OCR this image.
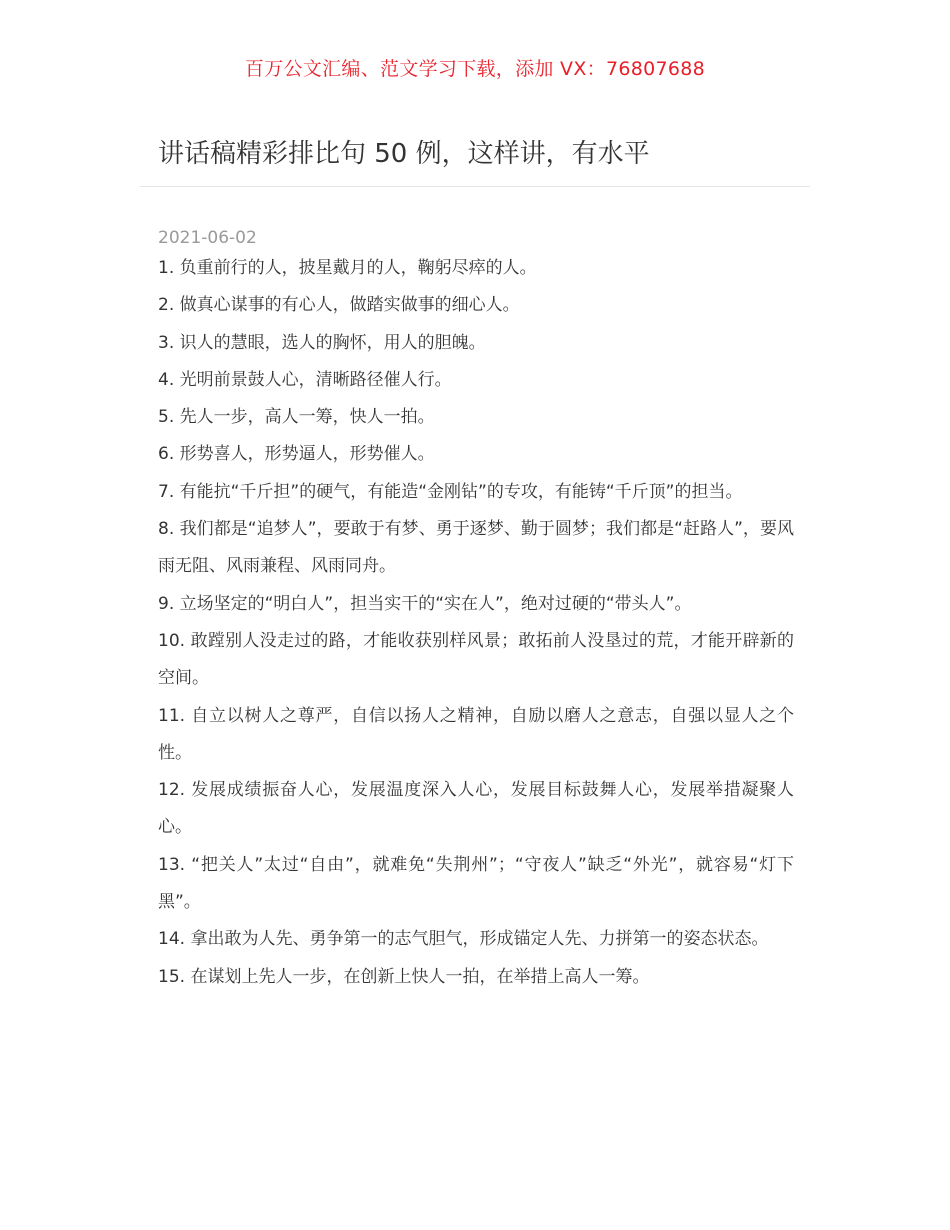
百万公文汇编、范文学习下载，添加 VX：76807688
讲话稿精彩排比句 50 例，这样讲，有水平
2021-06-02

1. 负重前行的人，披星戴月的人，鞠躬尽瘁的人。

2. 做真心谋事的有心人，做踏实做事的细心人。

3. 识人的慧眼，选人的胸怀，用人的胆魄。

4. 光明前景鼓人心，清晰路径催人行。

5. 先人一步，高人一筹，快人一拍。

6. 形势喜人，形势逼人，形势催人。

7. 有能抗“千斤担”的硬气，有能造“金刚钻”的专攻，有能铸“千斤顶”的担当。

8. 我们都是“追梦人”，要敢于有梦、勇于逐梦、勤于圆梦；我们都是“赶路人”，要风雨无阻、风雨兼程、风雨同舟。

9. 立场坚定的“明白人”，担当实干的“实在人”，绝对过硬的“带头人”。

10. 敢蹚别人没走过的路，才能收获别样风景；敢拓前人没垦过的荒，才能开辟新的空间。

11. 自立以树人之尊严，自信以扬人之精神，自励以磨人之意志，自强以显人之个性。

12. 发展成绩振奋人心，发展温度深入人心，发展目标鼓舞人心，发展举措凝聚人心。

13. “把关人”太过“自由”，就难免“失荆州”；“守夜人”缺乏“外光”，就容易“灯下黑”。

14. 拿出敢为人先、勇争第一的志气胆气，形成锚定人先、力拼第一的姿态状态。

15. 在谋划上先人一步，在创新上快人一拍，在举措上高人一筹。
